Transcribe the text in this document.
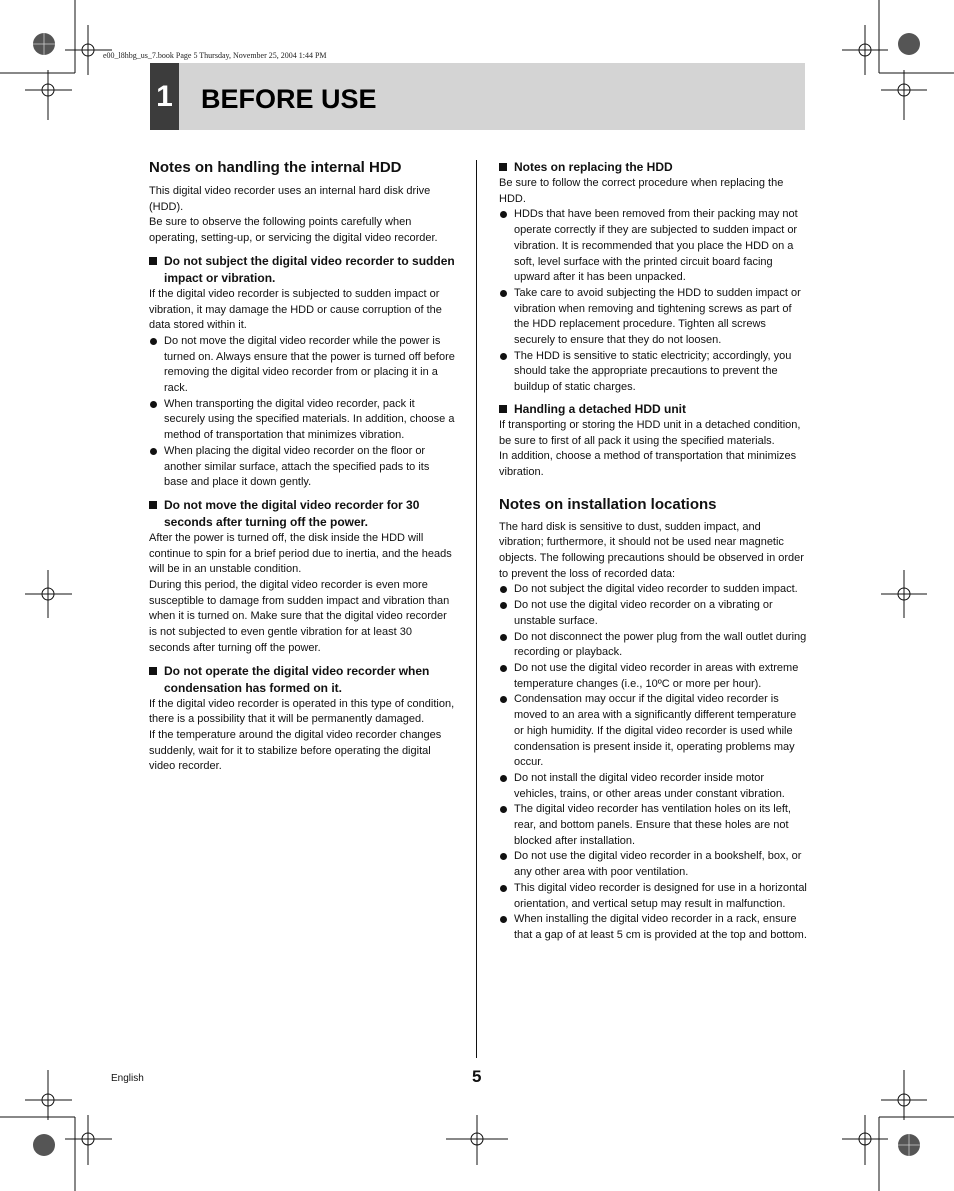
e00_l8hbg_us_7.book Page 5 Thursday, November 25, 2004 1:44 PM
1 BEFORE USE
Notes on handling the internal HDD

This digital video recorder uses an internal hard disk drive (HDD).

Be sure to observe the following points carefully when operating, setting-up, or servicing the digital video recorder.

Do not subject the digital video recorder to sudden impact or vibration.

If the digital video recorder is subjected to sudden impact or vibration, it may damage the HDD or cause corruption of the data stored within it.

Do not move the digital video recorder while the power is turned on. Always ensure that the power is turned off before removing the digital video recorder from or placing it in a rack.
When transporting the digital video recorder, pack it securely using the specified materials. In addition, choose a method of transportation that minimizes vibration.
When placing the digital video recorder on the floor or another similar surface, attach the specified pads to its base and place it down gently.
Do not move the digital video recorder for 30 seconds after turning off the power.

After the power is turned off, the disk inside the HDD will continue to spin for a brief period due to inertia, and the heads will be in an unstable condition.

During this period, the digital video recorder is even more susceptible to damage from sudden impact and vibration than when it is turned on. Make sure that the digital video recorder is not subjected to even gentle vibration for at least 30 seconds after turning off the power.

Do not operate the digital video recorder when condensation has formed on it.

If the digital video recorder is operated in this type of condition, there is a possibility that it will be permanently damaged.

If the temperature around the digital video recorder changes suddenly, wait for it to stabilize before operating the digital video recorder.

Notes on replacing the HDD

Be sure to follow the correct procedure when replacing the HDD.

HDDs that have been removed from their packing may not operate correctly if they are subjected to sudden impact or vibration. It is recommended that you place the HDD on a soft, level surface with the printed circuit board facing upward after it has been unpacked.
Take care to avoid subjecting the HDD to sudden impact or vibration when removing and tightening screws as part of the HDD replacement procedure. Tighten all screws securely to ensure that they do not loosen.
The HDD is sensitive to static electricity; accordingly, you should take the appropriate precautions to prevent the buildup of static charges.
Handling a detached HDD unit

If transporting or storing the HDD unit in a detached condition, be sure to first of all pack it using the specified materials.

In addition, choose a method of transportation that minimizes vibration.

Notes on installation locations

The hard disk is sensitive to dust, sudden impact, and vibration; furthermore, it should not be used near magnetic objects. The following precautions should be observed in order to prevent the loss of recorded data:

Do not subject the digital video recorder to sudden impact.
Do not use the digital video recorder on a vibrating or unstable surface.
Do not disconnect the power plug from the wall outlet during recording or playback.
Do not use the digital video recorder in areas with extreme temperature changes (i.e., 10ºC or more per hour).
Condensation may occur if the digital video recorder is moved to an area with a significantly different temperature or high humidity. If the digital video recorder is used while condensation is present inside it, operating problems may occur.
Do not install the digital video recorder inside motor vehicles, trains, or other areas under constant vibration.
The digital video recorder has ventilation holes on its left, rear, and bottom panels. Ensure that these holes are not blocked after installation.
Do not use the digital video recorder in a bookshelf, box, or any other area with poor ventilation.
This digital video recorder is designed for use in a horizontal orientation, and vertical setup may result in malfunction.
When installing the digital video recorder in a rack, ensure that a gap of at least 5 cm is provided at the top and bottom.
English	5
